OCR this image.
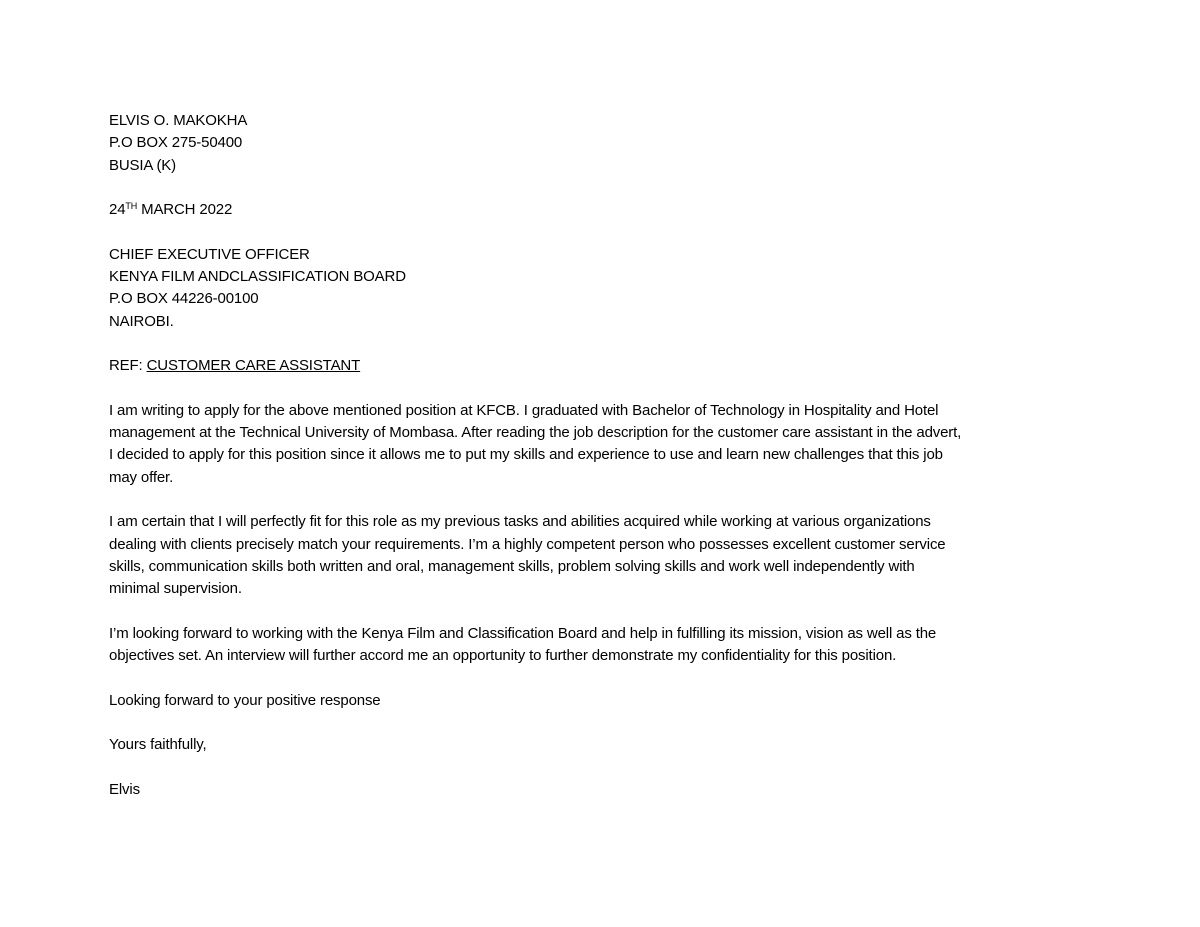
ELVIS O. MAKOKHA
P.O BOX 275-50400
BUSIA (K)
24TH MARCH 2022
CHIEF EXECUTIVE OFFICER
KENYA FILM ANDCLASSIFICATION BOARD
P.O BOX 44226-00100
NAIROBI.
REF: CUSTOMER CARE ASSISTANT
I am writing to apply for the above mentioned position at KFCB. I graduated with Bachelor of Technology in Hospitality and Hotel
management at the Technical University of Mombasa. After reading the job description for the customer care assistant in the advert,
I decided to apply for this position since it allows me to put my skills and experience to use and learn new challenges that this job
may offer.
I am certain that I will perfectly fit for this role as my previous tasks and abilities acquired while working at various organizations
dealing with clients precisely match your requirements. I’m a highly competent person who possesses excellent customer service
skills, communication skills both written and oral, management skills, problem solving skills and work well independently with
minimal supervision.
I’m looking forward to working with the Kenya Film and Classification Board and help in fulfilling its mission, vision as well as the
objectives set. An interview will further accord me an opportunity to further demonstrate my confidentiality for this position.
Looking forward to your positive response
Yours faithfully,
Elvis
